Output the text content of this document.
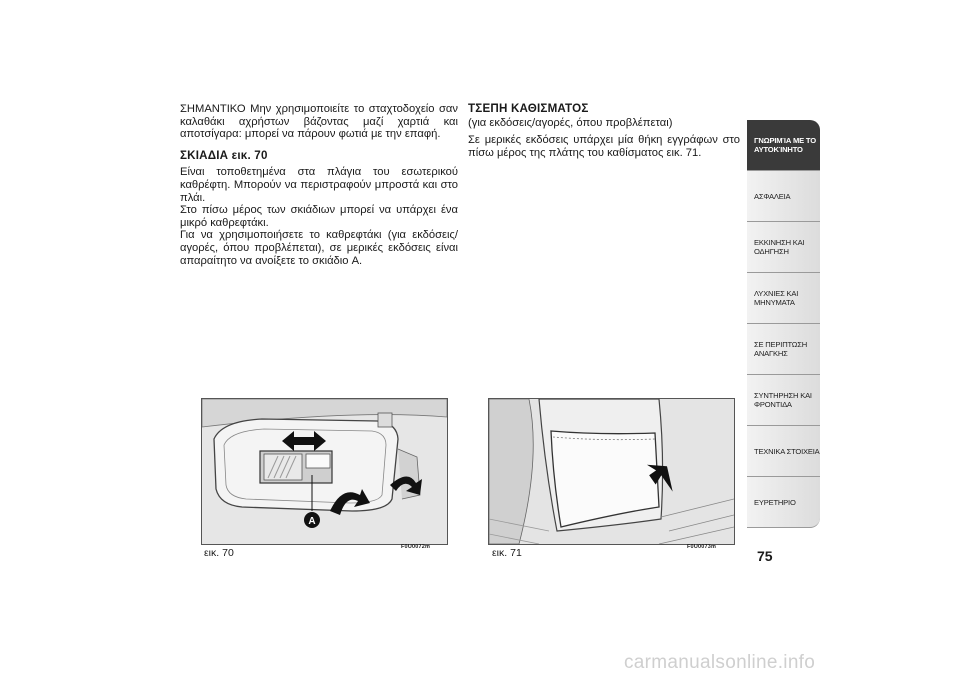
ΣΗΜΑΝΤΙΚΟ Μην χρησιμοποιείτε το σταχτοδοχείο σαν καλαθάκι αχρήστων βάζοντας μαζί χαρτιά και αποτσίγαρα: μπορεί να πάρουν φωτιά με την επαφή.

ΣΚΙΑΔΙΑ εικ. 70

Είναι τοποθετημένα στα πλάγια του εσωτερικού καθρέφτη. Μπορούν να περιστραφούν μπροστά και στο πλάι.

Στο πίσω μέρος των σκιάδιων μπορεί να υπάρχει ένα μικρό καθρεφτάκι.

Για να χρησιμοποιήσετε το καθρεφτάκι (για εκδόσεις/αγορές, όπου προβλέπεται), σε μερικές εκδόσεις είναι απαραίτητο να ανοίξετε το σκιάδιο A.

ΤΣΕΠΗ ΚΑΘΙΣΜΑΤΟΣ

(για εκδόσεις/αγορές, όπου προβλέπεται)

Σε μερικές εκδόσεις υπάρχει μία θήκη εγγράφων στο πίσω μέρος της πλάτης του καθίσματος εικ. 71.

A
εικ. 70	F0U0072m	εικ. 71	F0U0073m
ΓΝΩΡΙΜΊΑ ΜΕ ΤΟ
ΑΥΤΟΚΊΝΗΤΟ
ΑΣΦΑΛΕΙΑ
ΕΚΚΙΝΗΣΗ ΚΑΙ
ΟΔΗΓΗΣΗ
ΛΥΧΝΙΕΣ ΚΑΙ
ΜΗΝΥΜΑΤΑ
ΣΕ ΠΕΡΙΠΤΩΣΗ
ΑΝΑΓΚΗΣ
ΣΥΝΤΗΡΗΣΗ ΚΑΙ
ΦΡΟΝΤΙΔΑ
ΤΕΧΝΙΚΑ ΣΤΟΙΧΕΙΑ
ΕΥΡΕΤΗΡΙΟ
75
carmanualsonline.info
